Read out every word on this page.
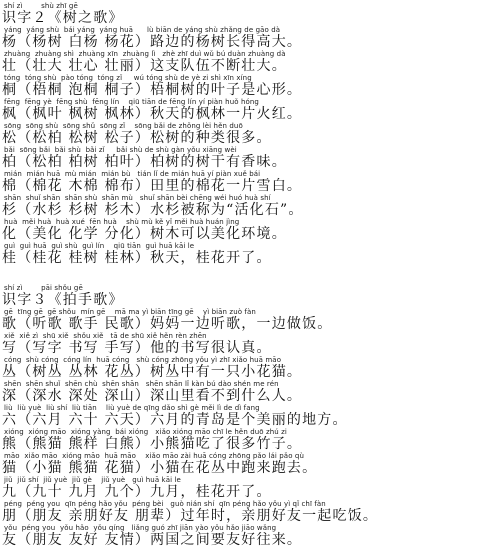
shí zì        shù zhī gē
识字２《树之歌》
yáng  yáng shù  bái yáng  yáng huā      lù biān de yáng shù zhǎng de gāo dà
杨（杨树 白杨 杨花）路边的杨树长得高大。
zhuàng  zhuàng shì  zhuàng xīn  zhuàng lì   zhè zhī duì wǔ bú duàn zhuàng dà
壮（壮大 壮心 壮丽）这支队伍不断壮大。
tóng  tóng shù  pào tóng  tóng zǐ     wú tóng shù de yè zi shì xīn xíng
桐（梧桐 泡桐 桐子）梧桐树的叶子是心形。
fēng  fēng yè  fēng shù  fēng lín    qiū tiān de fēng lín yí piàn huǒ hóng
枫（枫叶 枫树 枫林）秋天的枫林一片火红。
sōng  sōng shù  sōng shǔ  sōng zǐ    sōng bǎi de zhǒng lèi hěn duō
松（松柏 松树 松子）松树的种类很多。
bǎi  sōng bǎi  bǎi shù  bǎi zǐ     bǎi shù de shù gàn yǒu xiāng wèi
柏（松柏 柏树 柏叶）柏树的树干有香味。
mián  mián huā  mù mián  mián bù   tián lǐ de mián huā yí piàn xuě bái
棉（棉花 木棉 棉布）田里的棉花一片雪白。
shān  shuǐ shān  shān shù  shān mù   shuǐ shān bèi chēng wéi huó huà shí
杉（水杉 杉树 杉木）水杉被称为“活化石”。
huà  měi huà  huà xué  fēn huà    shù mù kě yǐ měi huà huán jìng
化（美化 化学 分化）树木可以美化环境。
guì  guì huā  guì shù  guì lín    qiū tiān  guì huā kāi le
桂（桂花 桂树 桂林）秋天，桂花开了。
shí zì        pāi shǒu gē
识字３《拍手歌》
gē  tīng gē  gē shǒu  mín gē    mā ma yì biān tīng gē    yì biān zuò fàn
歌（听歌 歌手 民歌）妈妈一边听歌，一边做饭。
xiě  xiě zì  shū xiě  shǒu xiě   tā de shū xiě hěn rèn zhēn
写（写字 书写 手写）他的书写很认真。
cóng  shù cóng  cóng lín  huā cóng   shù cóng zhōng yǒu yì zhī xiǎo huā māo
丛（树丛 丛林 花丛）树丛中有一只小花猫。
shēn  shēn shuǐ  shēn chù  shēn shān   shēn shān lǐ kàn bú dào shén me rén
深（深水 深处 深山）深山里看不到什么人。
liù  liù yuè  liù shí  liù tiān    liù yuè de qīng dǎo shì gè měi lì de dì fang
六（六月 六十 六天）六月的青岛是个美丽的地方。
xióng  xióng māo  xióng yàng  bái xióng   xiǎo xióng māo chī le hěn duō zhú zi
熊（熊猫 熊样 白熊）小熊猫吃了很多竹子。
māo  xiǎo māo  xióng māo  huā māo    xiǎo māo zài huā cóng zhōng pǎo lái pǎo qù
猫（小猫 熊猫 花猫）小猫在花丛中跑来跑去。
jiǔ  jiǔ shí  jiǔ yuè  jiǔ gè    jiǔ yuè   guì huā kāi le
九（九十 九月 九个）九月，桂花开了。
péng  péng you  qīn péng hǎo yǒu  péng bèi   guò nián shí  qīn péng hǎo yǒu yì qǐ chī fàn
朋（朋友 亲朋好友 朋辈）过年时，亲朋好友一起吃饭。
yǒu  péng you  yǒu hǎo  yǒu qíng   liǎng guó zhī jiān yào yǒu hǎo jiāo wǎng
友（朋友 友好 友情）两国之间要友好往来。
